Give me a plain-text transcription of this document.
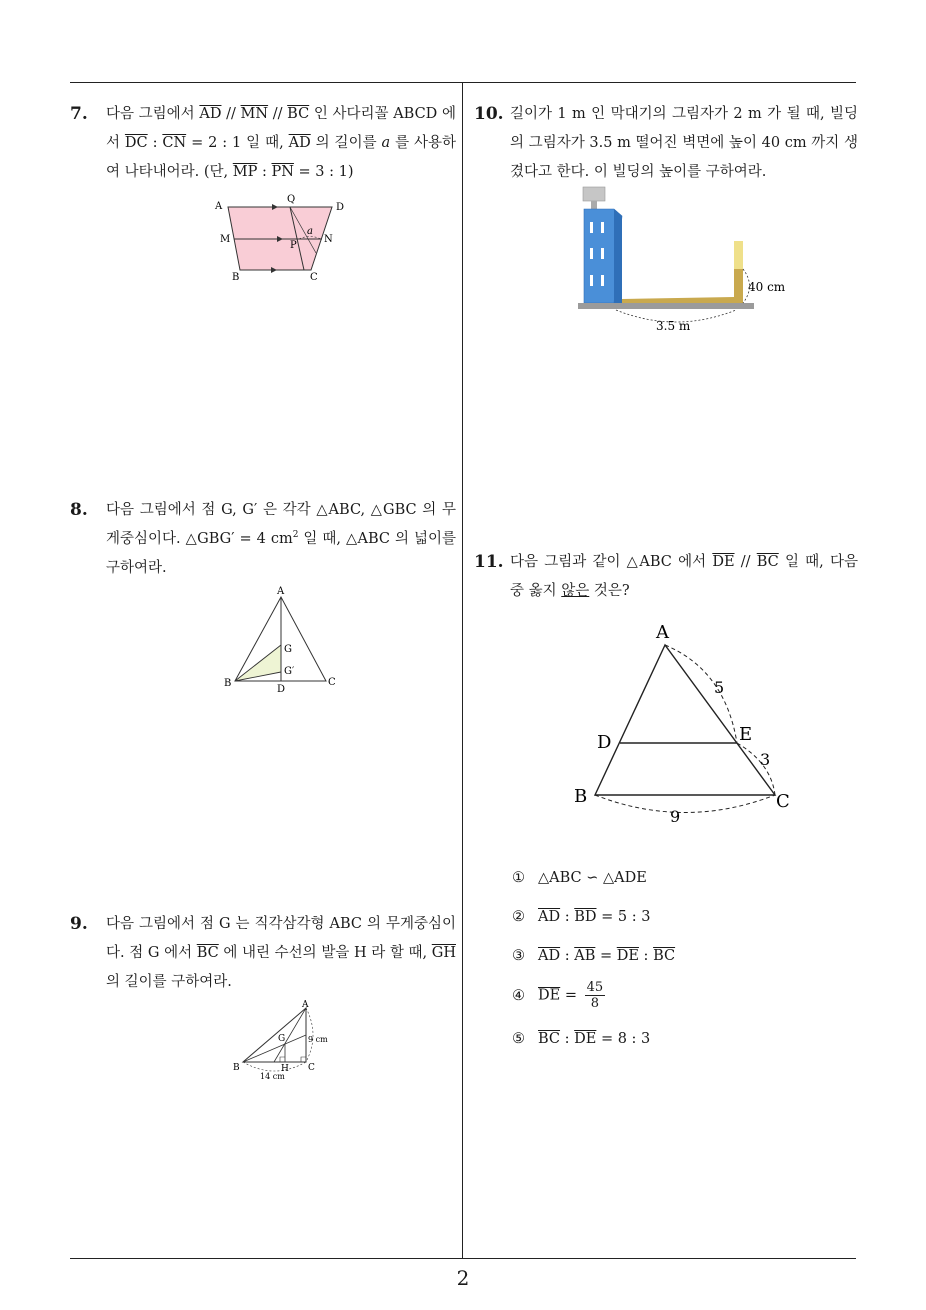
2
7. 다음 그림에서 $\overline{AD} // \overline{MN} // \overline{BC}$ 인 사다리꼴 ABCD 에서 $\overline{DC}$ : $\overline{CN} = 2$ : 1 일 때, $\overline{AD}$ 의 길이를 a 를 사용하여 나타내어라. (단, $\overline{MP}$ : $\overline{PN} = 3$ : 1)
A
Q
D
M
P
a
N
B	C
8. 다음 그림에서 점 G, G′ 은 각각 △ABC, △GBC 의 무게중심이다. △GBG′ = 4 $cm^2$ 일 때, △ABC 의 넓이를 구하여라.
A
G
G′
B
D
C
9. 다음 그림에서 점 G 는 직각삼각형 ABC 의 무게중심이다. 점 G 에서 $\overline{BC}$ 에 내린 수선의 발을 H 라 할 때, $\overline{GH}$ 의 길이를 구하여라.
A
G	9 cm
B	H C
14 cm
10. 길이가 1 m 인 막대기의 그림자가 2 m 가 될 때, 빌딩의 그림자가 3.5 m 떨어진 벽면에 높이 40 cm 까지 생겼다고 한다. 이 빌딩의 높이를 구하여라.
40 cm
3.5 m
11. 다음 그림과 같이 △ABC 에서 $\overline{DE} // \overline{BC}$ 일 때, 다음 중 옳지 않은 것은?
A
5
D	E
3
B	C
9
① △ABC ∽ △ADE
② $\overline{AD}$ : $\overline{BD} = 5$ : 3
③ $\overline{AD}$ : $\overline{AB} = \overline{DE}$ : $\overline{BC}$
④ $\overline{DE} = \frac{45}{8}$
⑤ $\overline{BC}$ : $\overline{DE} = 8$ : 3
